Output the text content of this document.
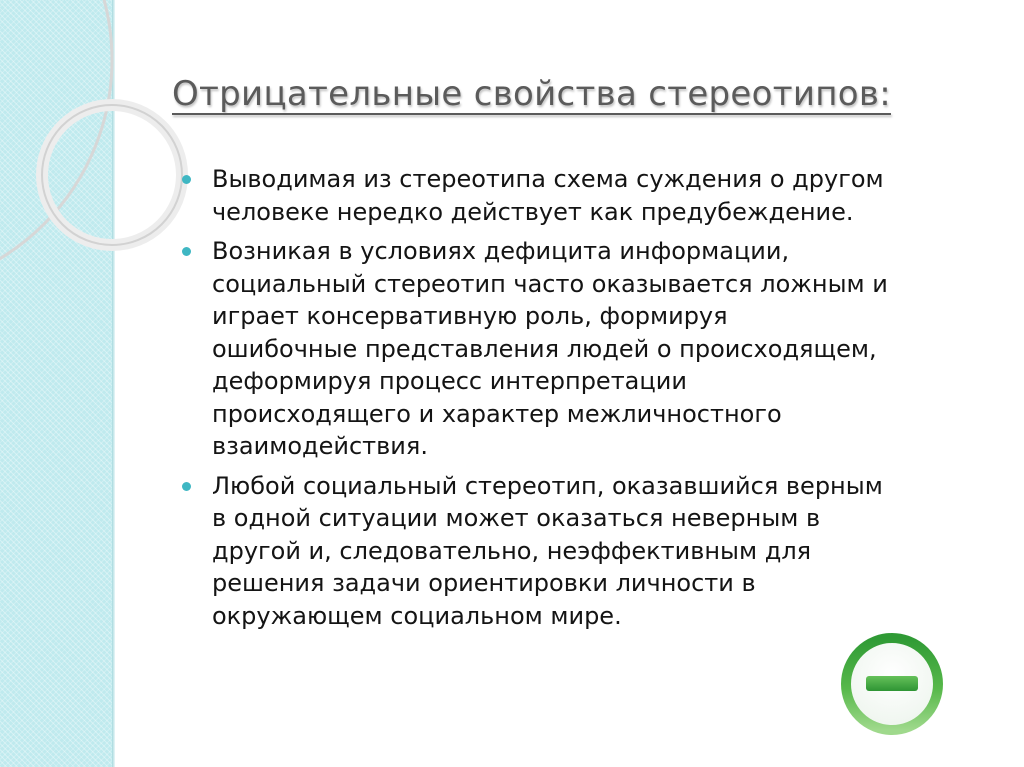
Отрицательные свойства стереотипов:
Выводимая из стереотипа схема суждения о другом
человеке нередко действует как предубеждение.
Возникая в условиях дефицита информации,
социальный стереотип часто оказывается ложным и
играет консервативную роль, формируя
ошибочные представления людей о происходящем,
деформируя процесс интерпретации
происходящего и характер межличностного
взаимодействия.
Любой социальный стереотип, оказавшийся верным
в одной ситуации может оказаться неверным в
другой и, следовательно, неэффективным для
решения задачи ориентировки личности в
окружающем социальном мире.
